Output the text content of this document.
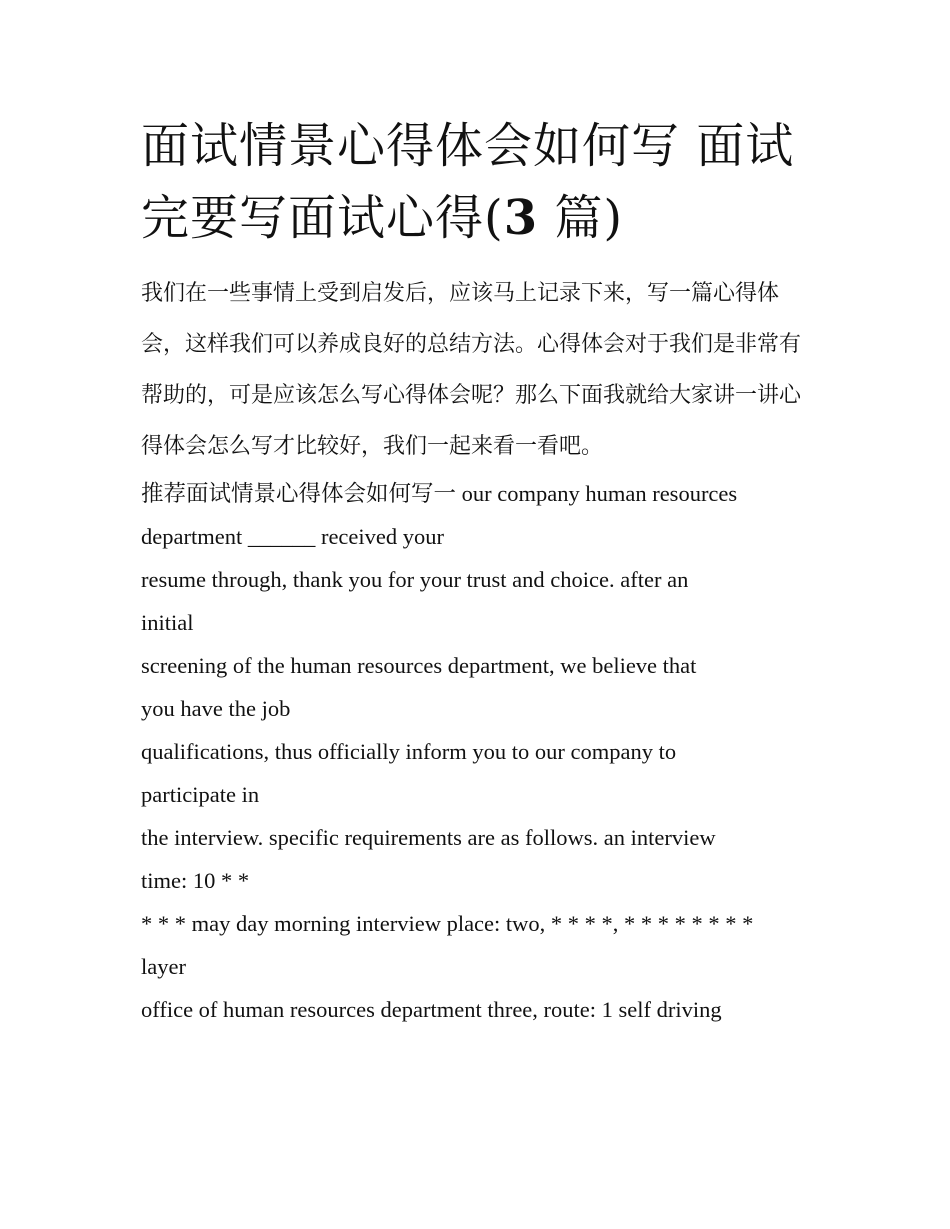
面试情景心得体会如何写 面试完要写面试心得(3 篇)

我们在一些事情上受到启发后，应该马上记录下来，写一篇心得体会，这样我们可以养成良好的总结方法。心得体会对于我们是非常有帮助的，可是应该怎么写心得体会呢？那么下面我就给大家讲一讲心得体会怎么写才比较好，我们一起来看一看吧。

推荐面试情景心得体会如何写一 our company human resources
department ______ received your
resume through, thank you for your trust and choice. after an
initial
screening of the human resources department, we believe that
you have the job
qualifications, thus officially inform you to our company to
participate in
the interview. specific requirements are as follows. an interview
time: 10 * *
* * * may day morning interview place: two, * * * *, * * * * * * * *
layer
office of human resources department three, route: 1 self driving
